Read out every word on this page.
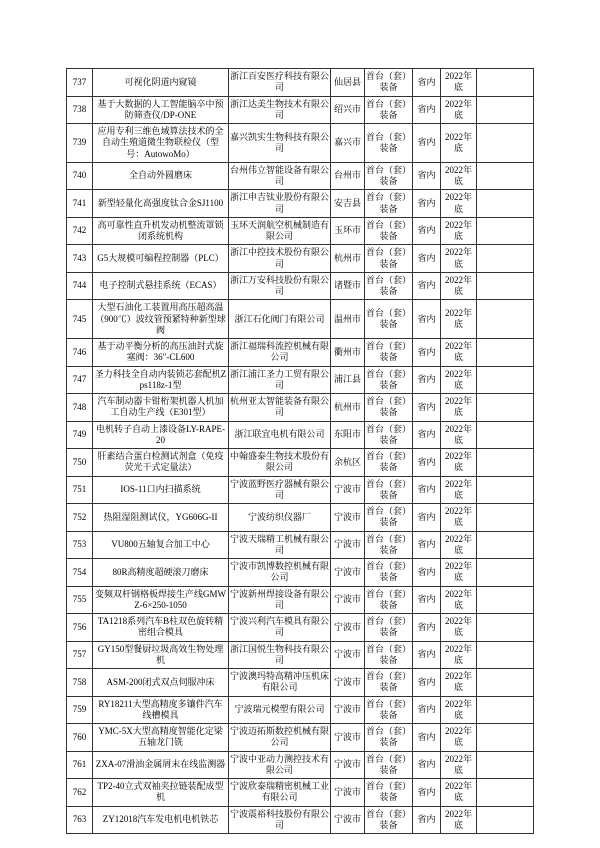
737	可视化阴道内窥镜	浙江百安医疗科技有限公司	仙居县	首台（套）装备	省内	2022年底	
738	基于大数据的人工智能脑卒中预防筛查仪/DP-ONE	浙江达美生物技术有限公司	绍兴市	首台（套）装备	省内	2022年底	
739	应用专利三维色域算法技术的全自动生殖道微生物联检仪（型号：AutowoMo）	嘉兴凯实生物科技有限公司	嘉兴市	首台（套）装备	省内	2022年底	
740	全自动外圆磨床	台州伟立智能设备有限公司	台州市	首台（套）装备	省内	2022年底	
741	新型轻量化高强度钛合金SJ1100	浙江申吉钛业股份有限公司	安吉县	首台（套）装备	省内	2022年底	
742	高可靠性直升机发动机整流罩锁闭系统机构	玉环天润航空机械制造有限公司	玉环市	首台（套）装备	省内	2022年底	
743	G5大规模可编程控制器（PLC）	浙江中控技术股份有限公司	杭州市	首台（套）装备	省内	2022年底	
744	电子控制式悬挂系统（ECAS）	浙江万安科技股份有限公司	诸暨市	首台（套）装备	省内	2022年底	
745	大型石油化工装置用高压超高温（900℃）波纹管预紧特种新型球阀	浙江石化阀门有限公司	温州市	首台（套）装备	省内	2022年底	
746	基于动平衡分析的高压油封式旋塞阀：36″-CL600	浙江福瑞科流控机械有限公司	衢州市	首台（套）装备	省内	2022年底	
747	圣力科技全自动内装锁芯套配机Zps118z-1型	浙江浦江圣力工贸有限公司	浦江县	首台（套）装备	省内	2022年底	
748	汽车制动器卡钳桁架机器人机加工自动生产线（E301型）	杭州亚太智能装备有限公司	杭州市	首台（套）装备	省内	2022年底	
749	电机转子自动上漆设备LY-RAPE-20	浙江联宜电机有限公司	东阳市	首台（套）装备	省内	2022年底	
750	肝素结合蛋白检测试剂盒（免疫荧光干式定量法）	中翰盛泰生物技术股份有限公司	余杭区	首台（套）装备	省内	2022年底	
751	IOS-11口内扫描系统	宁波蓝野医疗器械有限公司	宁波市	首台（套）装备	省内	2022年底	
752	热阻湿阻测试仪，YG606G-II	宁波纺织仪器厂	宁波市	首台（套）装备	省内	2022年底	
753	VU800五轴复合加工中心	宁波天瑞精工机械有限公司	宁波市	首台（套）装备	省内	2022年底	
754	80R高精度超硬滚刀磨床	宁波市凯博数控机械有限公司	宁波市	首台（套）装备	省内	2022年底	
755	变频双杆钢格板焊接生产线GMWZ-6×250-1050	宁波新州焊接设备有限公司	宁波市	首台（套）装备	省内	2022年底	
756	TA1218系列汽车B柱双色旋转精密组合模具	宁波兴利汽车模具有限公司	宁波市	首台（套）装备	省内	2022年底	
757	GY150型餐厨垃圾高效生物处理机	浙江国悦生物科技有限公司	宁波市	首台（套）装备	省内	2022年底	
758	ASM-200闭式双点伺服冲床	宁波澳玛特高精冲压机床有限公司	宁波市	首台（套）装备	省内	2022年底	
759	RY18211大型高精度多镶件汽车线槽模具	宁波瑞元模塑有限公司	宁波市	首台（套）装备	省内	2022年底	
760	YMC-5X大型高精度智能化定梁五轴龙门铣	宁波迈拓斯数控机械有限公司	宁波市	首台（套）装备	省内	2022年底	
761	ZXA-07滑油金属屑末在线监测器	宁波中亚动力测控技术有限公司	宁波市	首台（套）装备	省内	2022年底	
762	TP2-40立式双袖夹拉链装配成型机	宁波欣泰瑞精密机械工业有限公司	宁波市	首台（套）装备	省内	2022年底	
763	ZY12018汽车发电机电机铁芯	宁波震裕科技股份有限公司	宁波市	首台（套）装备	省内	2022年底	
